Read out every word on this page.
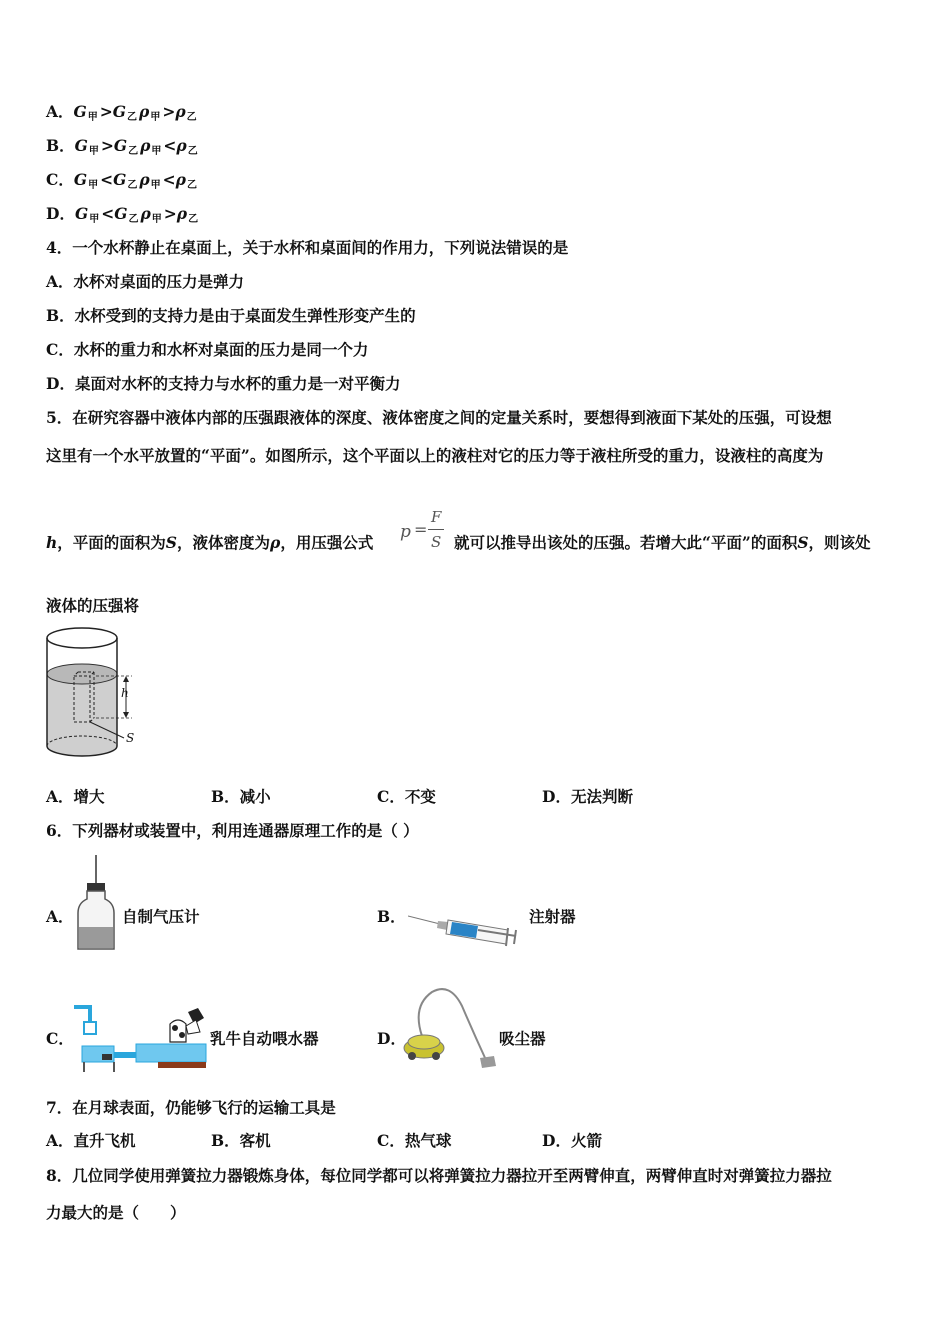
A．G甲 >G乙 ρ甲 >ρ乙
B．G甲 >G乙 ρ甲 <ρ乙
C．G甲 <G乙 ρ甲 <ρ乙
D．G甲 <G乙 ρ甲 >ρ乙
4．一个水杯静止在桌面上，关于水杯和桌面间的作用力，下列说法错误的是
A．水杯对桌面的压力是弹力
B．水杯受到的支持力是由于桌面发生弹性形变产生的
C．水杯的重力和水杯对桌面的压力是同一个力
D．桌面对水杯的支持力与水杯的重力是一对平衡力
5．在研究容器中液体内部的压强跟液体的深度、液体密度之间的定量关系时，要想得到液面下某处的压强，可设想
这里有一个水平放置的“平面”。如图所示，这个平面以上的液柱对它的压力等于液柱所受的重力，设液柱的高度为
h，平面的面积为S，液体密度为ρ，用压强公式
p =
F
S 就可以推导出该处的压强。若增大此“平面”的面积S，则该处
液体的压强将
h
S
A．增大	B．减小	C．不变	D．无法判断
6．下列器材或装置中，利用连通器原理工作的是（ ）
A．	自制气压计	B．	注射器
C．	乳牛自动喂水器	D．	吸尘器
7．在月球表面，仍能够飞行的运输工具是
A．直升飞机	B．客机	C．热气球	D．火箭
8．几位同学使用弹簧拉力器锻炼身体，每位同学都可以将弹簧拉力器拉开至两臂伸直，两臂伸直时对弹簧拉力器拉
力最大的是（　　）
